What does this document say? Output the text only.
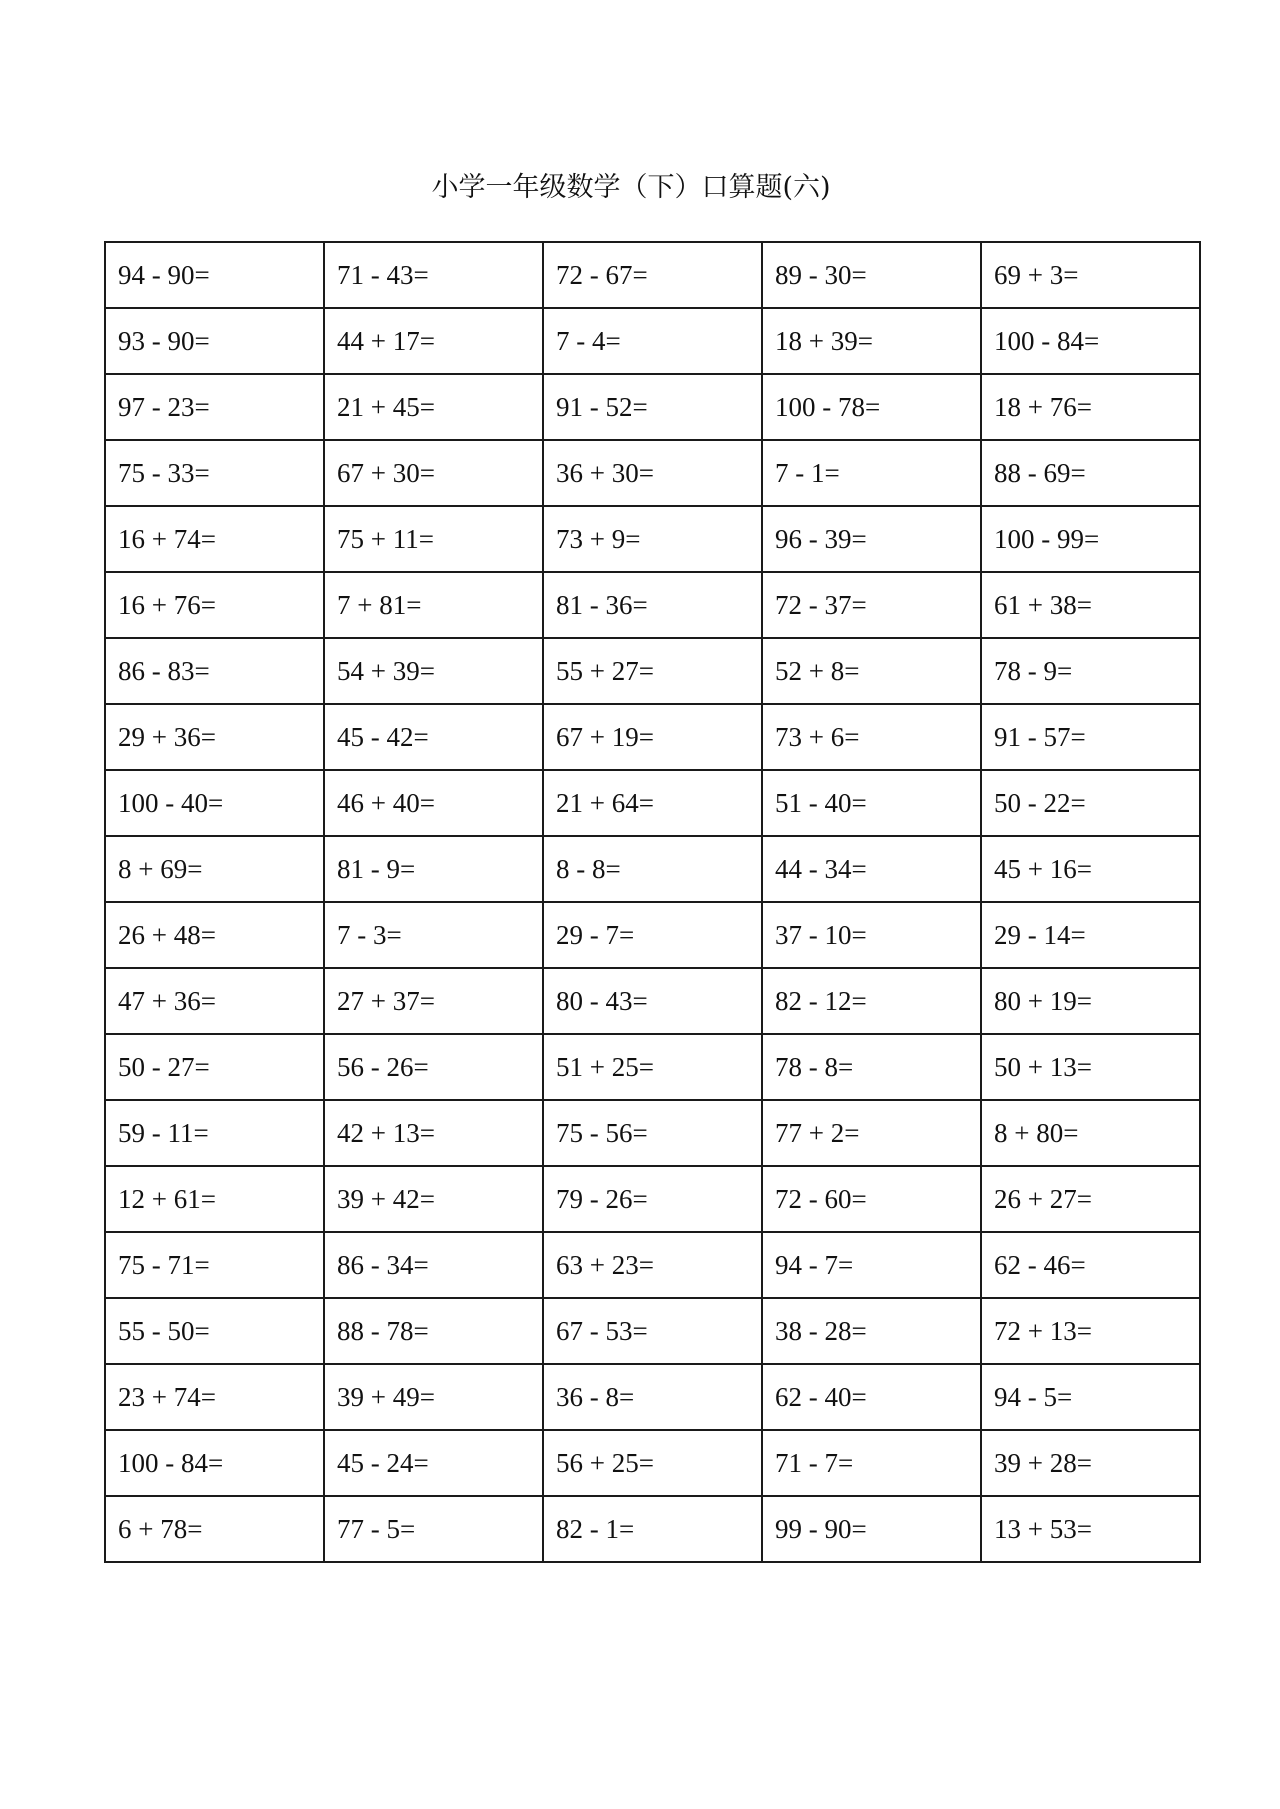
小学一年级数学（下）口算题(六)
94 - 90=	71 - 43=	72 - 67=	89 - 30=	69 + 3=
93 - 90=	44 + 17=	7 - 4=	18 + 39=	100 - 84=
97 - 23=	21 + 45=	91 - 52=	100 - 78=	18 + 76=
75 - 33=	67 + 30=	36 + 30=	7 - 1=	88 - 69=
16 + 74=	75 + 11=	73 + 9=	96 - 39=	100 - 99=
16 + 76=	7 + 81=	81 - 36=	72 - 37=	61 + 38=
86 - 83=	54 + 39=	55 + 27=	52 + 8=	78 - 9=
29 + 36=	45 - 42=	67 + 19=	73 + 6=	91 - 57=
100 - 40=	46 + 40=	21 + 64=	51 - 40=	50 - 22=
8 + 69=	81 - 9=	8 - 8=	44 - 34=	45 + 16=
26 + 48=	7 - 3=	29 - 7=	37 - 10=	29 - 14=
47 + 36=	27 + 37=	80 - 43=	82 - 12=	80 + 19=
50 - 27=	56 - 26=	51 + 25=	78 - 8=	50 + 13=
59 - 11=	42 + 13=	75 - 56=	77 + 2=	8 + 80=
12 + 61=	39 + 42=	79 - 26=	72 - 60=	26 + 27=
75 - 71=	86 - 34=	63 + 23=	94 - 7=	62 - 46=
55 - 50=	88 - 78=	67 - 53=	38 - 28=	72 + 13=
23 + 74=	39 + 49=	36 - 8=	62 - 40=	94 - 5=
100 - 84=	45 - 24=	56 + 25=	71 - 7=	39 + 28=
6 + 78=	77 - 5=	82 - 1=	99 - 90=	13 + 53=
